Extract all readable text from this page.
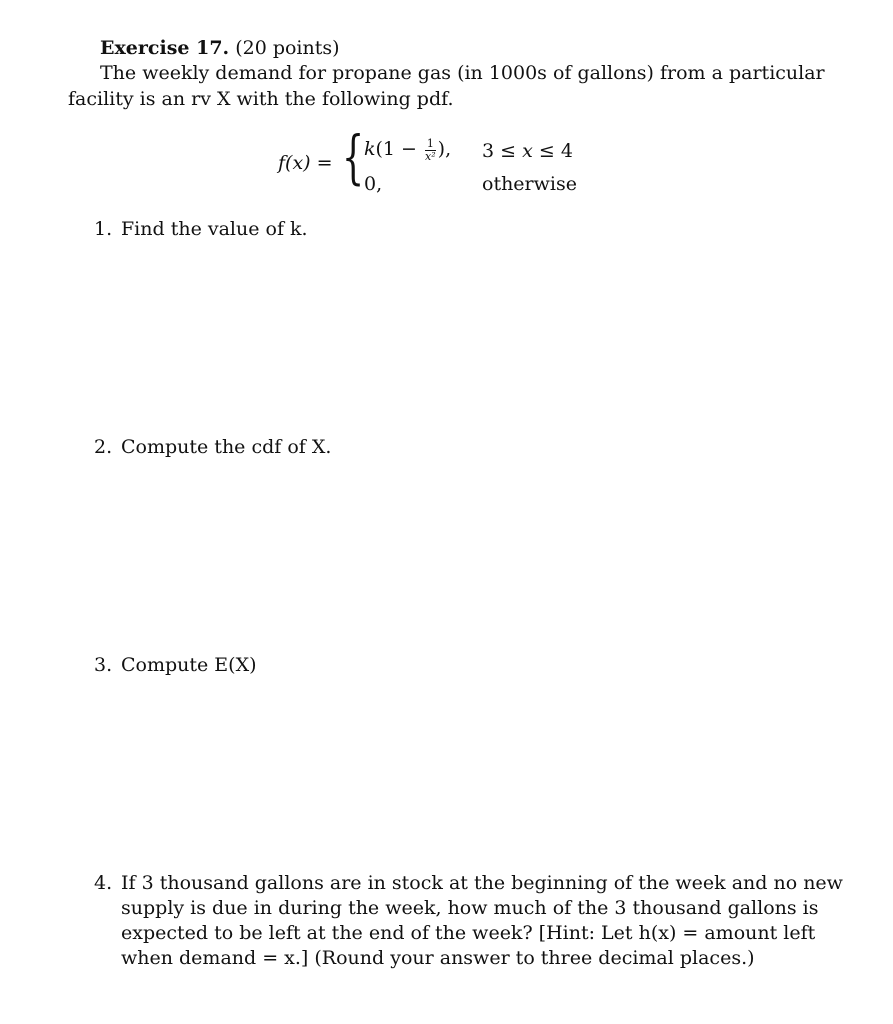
Exercise 17. (20 points)
The weekly demand for propane gas (in 1000s of gallons) from a particular
facility is an rv X with the following pdf.
f(x) = { $k(1 - \frac{1}{\text{x²}}$ ),
0,
3 ≤ x ≤ 4
otherwise
1. Find the value of k.
2. Compute the cdf of X.
3. Compute E(X)
4. If 3 thousand gallons are in stock at the beginning of the week and no new
supply is due in during the week, how much of the 3 thousand gallons is
expected to be left at the end of the week? [Hint: Let h(x) = amount left
when demand = x.] (Round your answer to three decimal places.)
